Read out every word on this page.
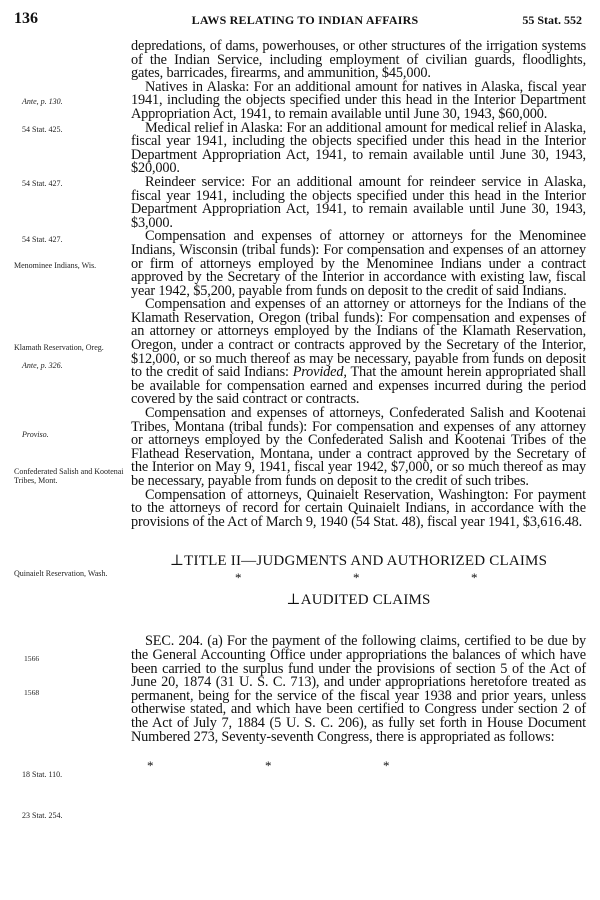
136	LAWS RELATING TO INDIAN AFFAIRS	55 Stat. 552
Ante, p. 130.
54 Stat. 425.
54 Stat. 427.
54 Stat. 427.
Menominee Indians, Wis.
Klamath Reservation, Oreg.
Ante, p. 326.
Proviso.
Confederated Salish and Kootenai Tribes, Mont.
Quinaielt Reservation, Wash.
1566
1568
18 Stat. 110.
23 Stat. 254.

depredations, of dams, powerhouses, or other structures of the irrigation systems of the Indian Service, including employment of civilian guards, floodlights, gates, barricades, firearms, and ammunition, $45,000.

Natives in Alaska: For an additional amount for natives in Alaska, fiscal year 1941, including the objects specified under this head in the Interior Department Appropriation Act, 1941, to remain available until June 30, 1943, $60,000.

Medical relief in Alaska: For an additional amount for medical relief in Alaska, fiscal year 1941, including the objects specified under this head in the Interior Department Appropriation Act, 1941, to remain available until June 30, 1943, $20,000.

Reindeer service: For an additional amount for reindeer service in Alaska, fiscal year 1941, including the objects specified under this head in the Interior Department Appropriation Act, 1941, to remain available until June 30, 1943, $3,000.

Compensation and expenses of attorney or attorneys for the Menominee Indians, Wisconsin (tribal funds): For compensation and expenses of an attorney or firm of attorneys employed by the Menominee Indians under a contract approved by the Secretary of the Interior in accordance with existing law, fiscal year 1942, $5,200, payable from funds on deposit to the credit of said Indians.

Compensation and expenses of an attorney or attorneys for the Indians of the Klamath Reservation, Oregon (tribal funds): For compensation and expenses of an attorney or attorneys employed by the Indians of the Klamath Reservation, Oregon, under a contract or contracts approved by the Secretary of the Interior, $12,000, or so much thereof as may be necessary, payable from funds on deposit to the credit of said Indians: Provided, That the amount herein appropriated shall be available for compensation earned and expenses incurred during the period covered by the said contract or contracts.

Compensation and expenses of attorneys, Confederated Salish and Kootenai Tribes, Montana (tribal funds): For compensation and expenses of any attorney or attorneys employed by the Confederated Salish and Kootenai Tribes of the Flathead Reservation, Montana, under a contract approved by the Secretary of the Interior on May 9, 1941, fiscal year 1942, $7,000, or so much thereof as may be necessary, payable from funds on deposit to the credit of such tribes.

Compensation of attorneys, Quinaielt Reservation, Washington: For payment to the attorneys of record for certain Quinaielt Indians, in accordance with the provisions of the Act of March 9, 1940 (54 Stat. 48), fiscal year 1941, $3,616.48.

⊥TITLE II—JUDGMENTS AND AUTHORIZED CLAIMS

*	*	*

⊥AUDITED CLAIMS

SEC. 204. (a) For the payment of the following claims, certified to be due by the General Accounting Office under appropriations the balances of which have been carried to the surplus fund under the provisions of section 5 of the Act of June 20, 1874 (31 U. S. C. 713), and under appropriations heretofore treated as permanent, being for the service of the fiscal year 1938 and prior years, unless otherwise stated, and which have been certified to Congress under section 2 of the Act of July 7, 1884 (5 U. S. C. 206), as fully set forth in House Document Numbered 273, Seventy-seventh Congress, there is appropriated as follows:

*	*	*
